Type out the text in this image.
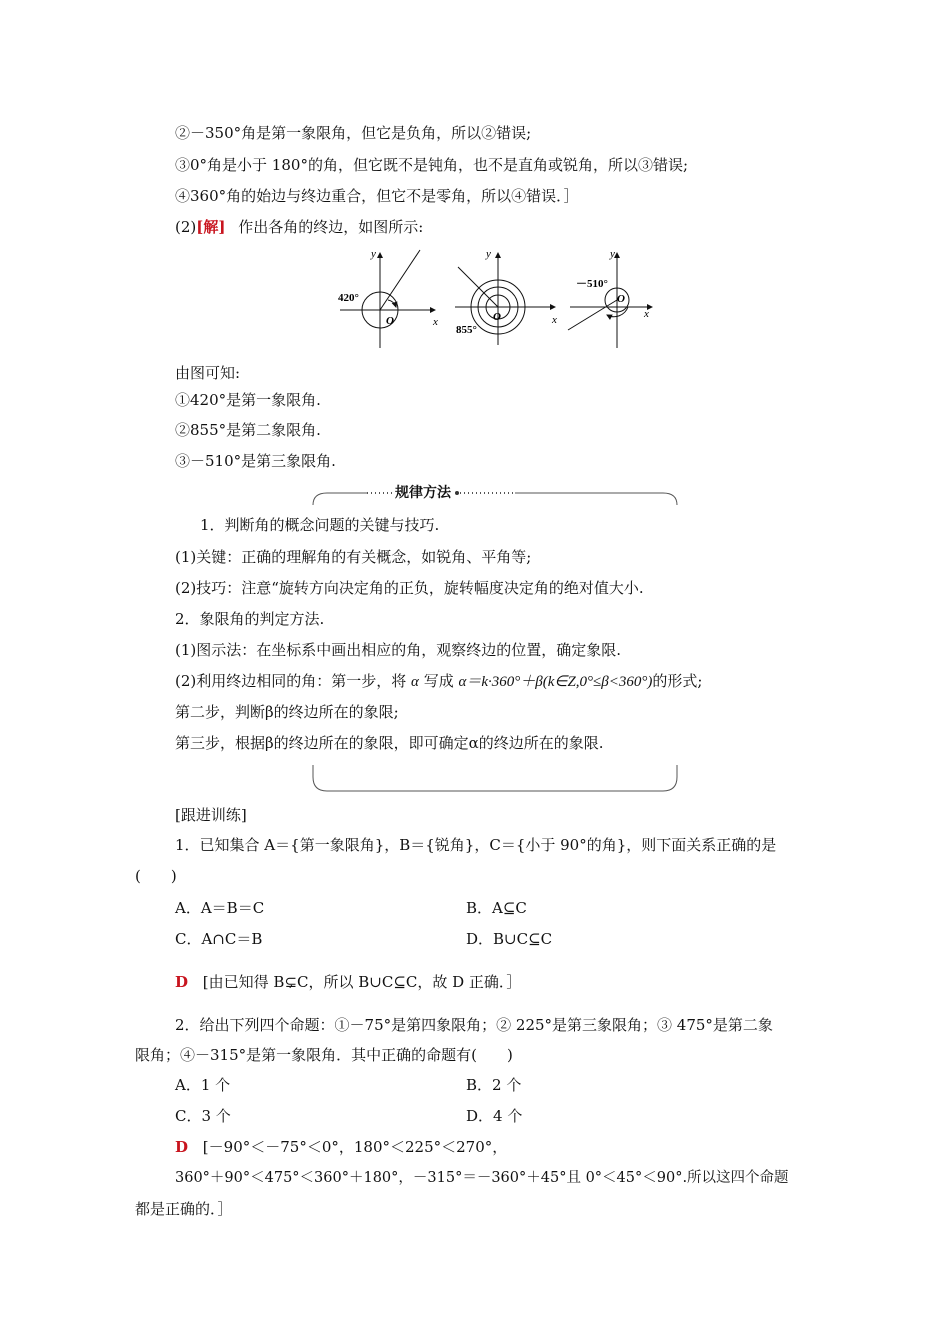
②－350°角是第一象限角，但它是负角，所以②错误;
③0°角是小于 180°的角，但它既不是钝角，也不是直角或锐角，所以③错误;
④360°角的始边与终边重合，但它不是零角，所以④错误．］
(2)[解] 作出各角的终边，如图所示:
y
x
O
420°
y
x
O
855°
y
x
O
－510°
由图可知:
①420°是第一象限角.
②855°是第二象限角.
③－510°是第三象限角.
规律方法
1．判断角的概念问题的关键与技巧.
(1)关键：正确的理解角的有关概念，如锐角、平角等;
(2)技巧：注意“旋转方向决定角的正负，旋转幅度决定角的绝对值大小.
2．象限角的判定方法.
(1)图示法：在坐标系中画出相应的角，观察终边的位置，确定象限.
(2)利用终边相同的角：第一步，将 α 写成 α＝k·360°＋β(k∈Z,0°≤β<360°)的形式;
第二步，判断β的终边所在的象限;
第三步，根据β的终边所在的象限，即可确定α的终边所在的象限.
[跟进训练]
1．已知集合 A＝{第一象限角}，B＝{锐角}，C＝{小于 90°的角}，则下面关系正确的是
(　　)
A．A＝B＝C	B．A⊆C
C．A∩C＝B	D．B∪C⊆C
D [由已知得 B⊊C，所以 B∪C⊆C，故 D 正确．］
2．给出下列四个命题：①－75°是第四象限角；② 225°是第三象限角；③ 475°是第二象
限角；④－315°是第一象限角．其中正确的命题有(　　)
A．1 个	B．2 个
C．3 个	D．4 个
D [－90°＜－75°＜0°，180°＜225°＜270°，
360°＋90°＜475°＜360°＋180°，－315°＝－360°＋45°且 0°＜45°＜90°.所以这四个命题
都是正确的．］
